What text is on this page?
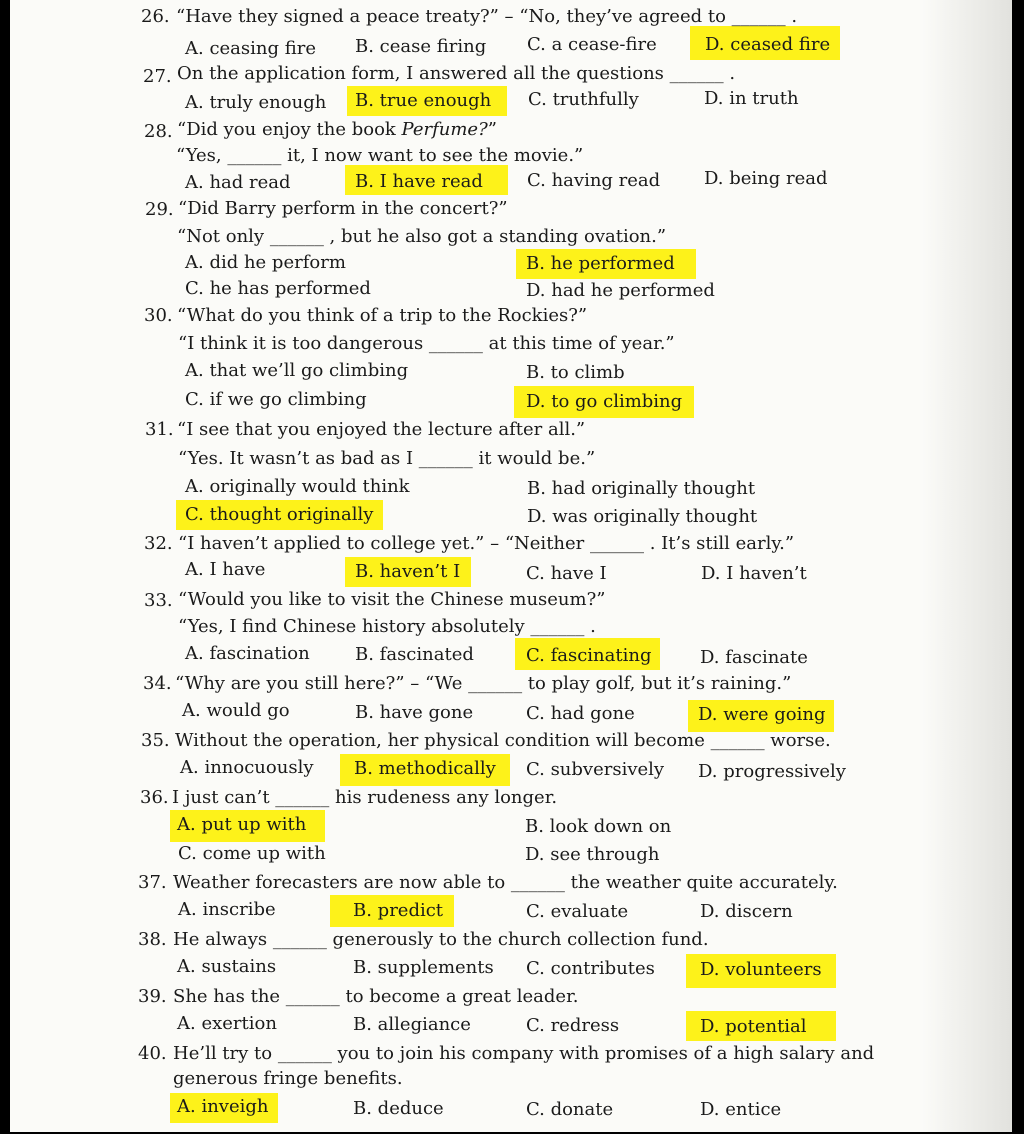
26. “Have they signed a peace treaty?” – “No, they’ve agreed to ______ .
A. ceasing fire B. cease firing C. a cease-fire	D. ceased fire
27. On the application form, I answered all the questions ______ .
A. truly enough B. true enough C. truthfully	D. in truth
28. “Did you enjoy the book Perfume?”
“Yes, ______ it, I now want to see the movie.”
A. had read	B. I have read C. having read D. being read
29. “Did Barry perform in the concert?”
“Not only ______ , but he also got a standing ovation.”
A. did he perform	B. he performed
C. he has performed	D. had he performed
30. “What do you think of a trip to the Rockies?”
“I think it is too dangerous ______ at this time of year.”
A. that we’ll go climbing	B. to climb
C. if we go climbing	D. to go climbing
31. “I see that you enjoyed the lecture after all.”
“Yes. It wasn’t as bad as I ______ it would be.”
A. originally would think	B. had originally thought
C. thought originally	D. was originally thought
32. “I haven’t applied to college yet.” – “Neither ______ . It’s still early.”
A. I have	B. haven’t I	C. have I	D. I haven’t
33. “Would you like to visit the Chinese museum?”
“Yes, I find Chinese history absolutely ______ .
A. fascination	B. fascinated	C. fascinating	D. fascinate
34. “Why are you still here?” – “We ______ to play golf, but it’s raining.”
A. would go	B. have gone	C. had gone	D. were going
35. Without the operation, her physical condition will become ______ worse.
A. innocuously B. methodically C. subversively D. progressively
36. I just can’t ______ his rudeness any longer.
A. put up with	B. look down on
C. come up with	D. see through
37. Weather forecasters are now able to ______ the weather quite accurately.
A. inscribe	B. predict	C. evaluate	D. discern
38. He always ______ generously to the church collection fund.
A. sustains	B. supplements C. contributes	D. volunteers
39. She has the ______ to become a great leader.
A. exertion	B. allegiance	C. redress	D. potential
40. He’ll try to ______ you to join his company with promises of a high salary and
generous fringe benefits.
A. inveigh	B. deduce	C. donate	D. entice
